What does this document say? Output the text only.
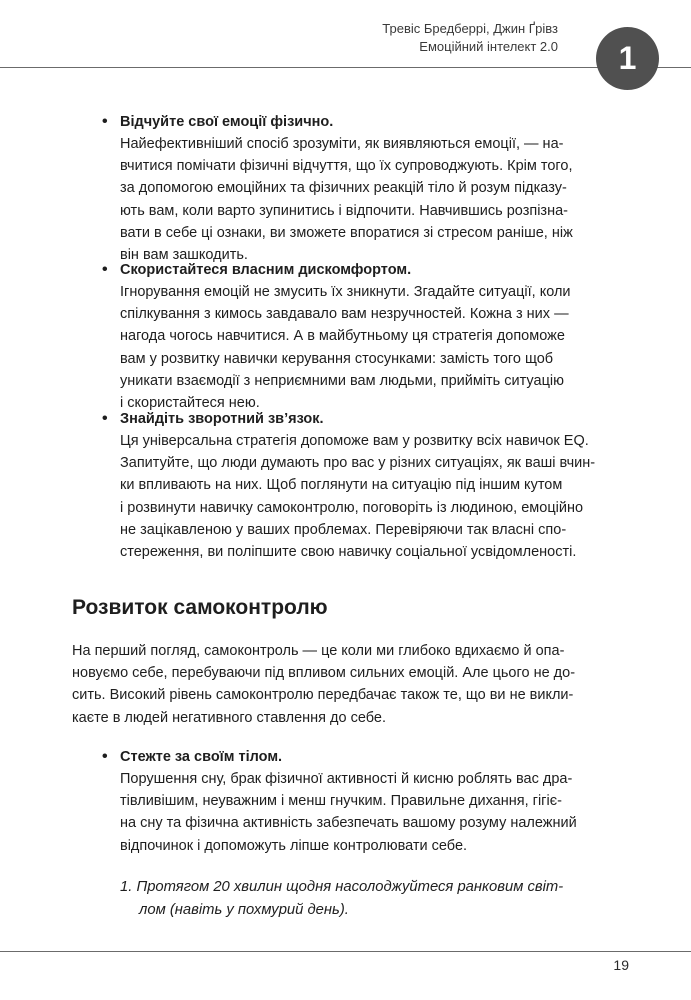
Тревіс Бредберрі, Джин Ґрівз
Емоційний інтелект 2.0	1
• Відчуйте свої емоції фізично.

Найефективніший спосіб зрозуміти, як виявляються емоції, — на-
вчитися помічати фізичні відчуття, що їх супроводжують. Крім того,
за допомогою емоційних та фізичних реакцій тіло й розум підказу-
ють вам, коли варто зупинитись і відпочити. Навчившись розпізна-
вати в себе ці ознаки, ви зможете впоратися зі стресом раніше, ніж
він вам зашкодить.

• Скористайтеся власним дискомфортом.

Ігнорування емоцій не змусить їх зникнути. Згадайте ситуації, коли
спілкування з кимось завдавало вам незручностей. Кожна з них —
нагода чогось навчитися. А в майбутньому ця стратегія допоможе
вам у розвитку навички керування стосунками: замість того щоб
уникати взаємодії з неприємними вам людьми, прийміть ситуацію
і скористайтеся нею.

• Знайдіть зворотний зв’язок.

Ця універсальна стратегія допоможе вам у розвитку всіх навичок EQ.
Запитуйте, що люди думають про вас у різних ситуаціях, як ваші вчин-
ки впливають на них. Щоб поглянути на ситуацію під іншим кутом
і розвинути навичку самоконтролю, поговоріть із людиною, емоційно
не зацікавленою у ваших проблемах. Перевіряючи так власні спо-
стереження, ви поліпшите свою навичку соціальної усвідомленості.

Розвиток самоконтролю

На перший погляд, самоконтроль — це коли ми глибоко вдихаємо й опа-
новуємо себе, перебуваючи під впливом сильних емоцій. Але цього не до-
сить. Високий рівень самоконтролю передбачає також те, що ви не викли-
каєте в людей негативного ставлення до себе.

• Стежте за своїм тілом.

Порушення сну, брак фізичної активності й кисню роблять вас дра-
тівливішим, неуважним і менш гнучким. Правильне дихання, гігіє-
на сну та фізична активність забезпечать вашому розуму належний
відпочинок і допоможуть ліпше контролювати себе.

1. Протягом 20 хвилин щодня насолоджуйтеся ранковим світ-
лом (навіть у похмурий день).

19
